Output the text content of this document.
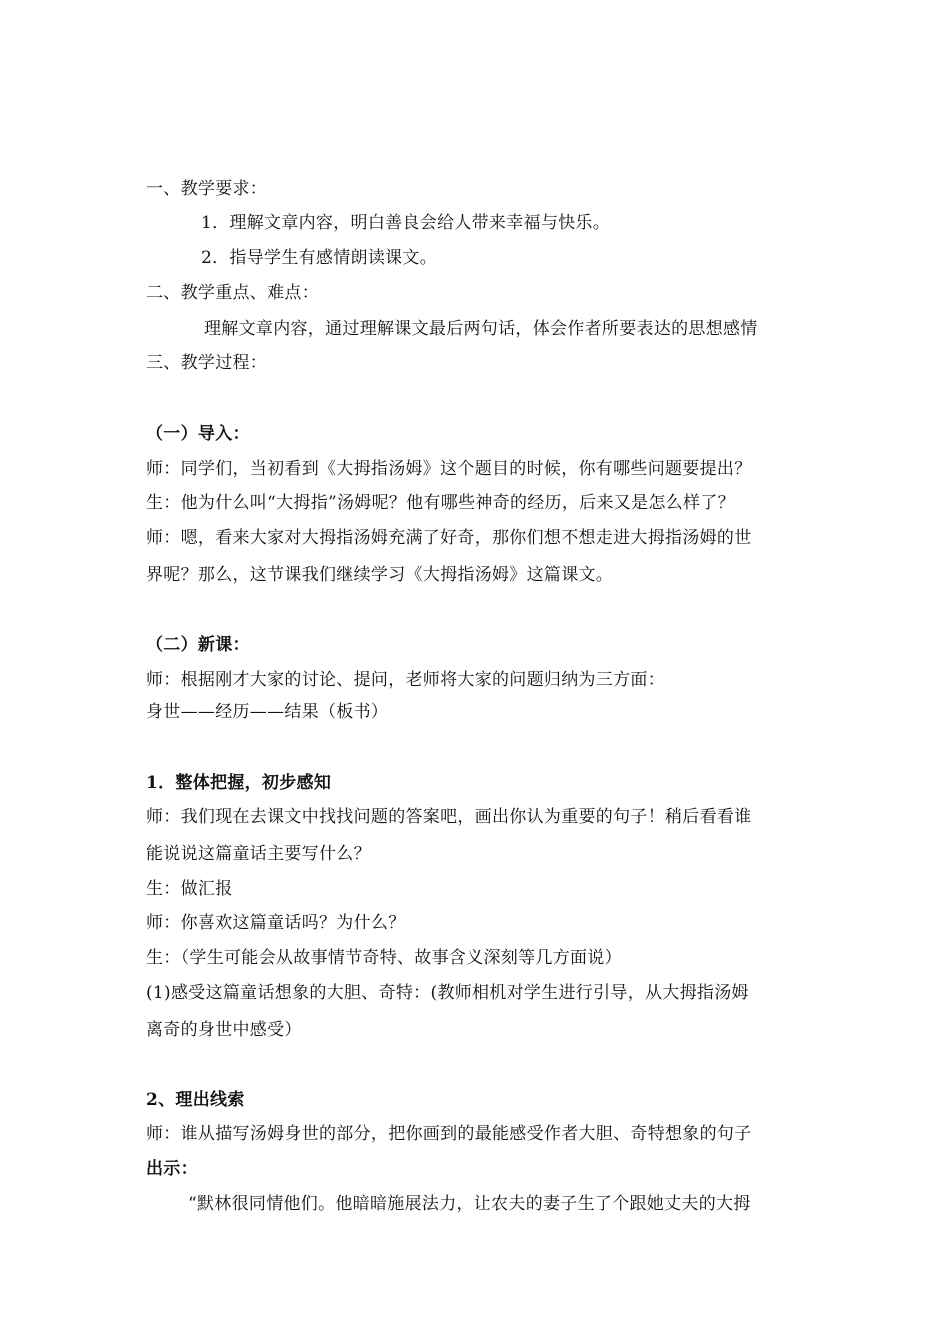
一、教学要求：
1．理解文章内容，明白善良会给人带来幸福与快乐。
2．指导学生有感情朗读课文。
二、教学重点、难点：
理解文章内容，通过理解课文最后两句话，体会作者所要表达的思想感情
三、教学过程：
（一）导入：
师：同学们，当初看到《大拇指汤姆》这个题目的时候，你有哪些问题要提出？
生：他为什么叫“大拇指”汤姆呢？他有哪些神奇的经历，后来又是怎么样了？
师：嗯，看来大家对大拇指汤姆充满了好奇，那你们想不想走进大拇指汤姆的世
界呢？那么，这节课我们继续学习《大拇指汤姆》这篇课文。
（二）新课：
师：根据刚才大家的讨论、提问，老师将大家的问题归纳为三方面：
身世——经历——结果（板书）
1．整体把握，初步感知
师：我们现在去课文中找找问题的答案吧，画出你认为重要的句子！稍后看看谁
能说说这篇童话主要写什么？
生：做汇报
师：你喜欢这篇童话吗？为什么？
生：（学生可能会从故事情节奇特、故事含义深刻等几方面说）
(1)感受这篇童话想象的大胆、奇特：(教师相机对学生进行引导，从大拇指汤姆
离奇的身世中感受）
2、理出线索
师：谁从描写汤姆身世的部分，把你画到的最能感受作者大胆、奇特想象的句子
出示：
“默林很同情他们。他暗暗施展法力，让农夫的妻子生了个跟她丈夫的大拇
